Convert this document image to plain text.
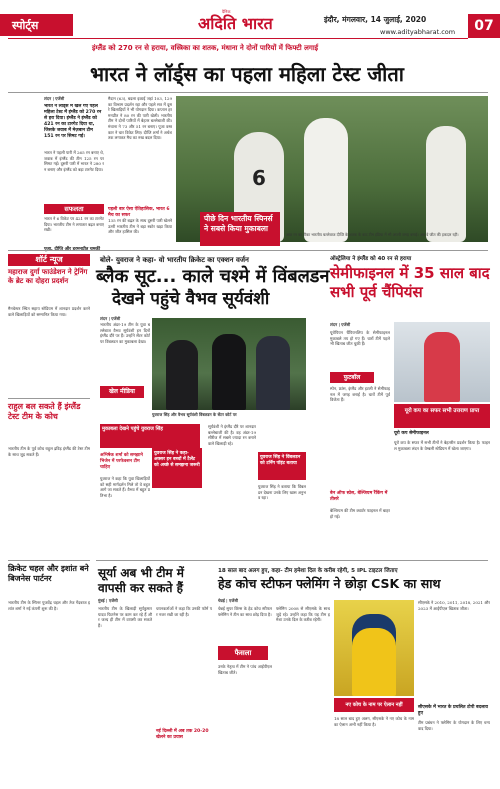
स्पोर्ट्स
दैनिक
अदिति भारत	इंदौर, मंगलवार, 14 जुलाई, 2020
www.adityabharat.com	07
इंग्लैंड को 270 रन से हराया, वस्त्रिका का शतक, मंधाना ने दोनों पारियों में फिफ्टी लगाई
भारत ने लॉर्ड्स का पहला महिला टेस्ट जीता
लंदन | एजेंसी
भारत ने लॉर्ड्स में खेले गए पहले महिला टेस्ट में इंग्लैंड को 270 रन से हरा दिया। इंग्लैंड ने इंग्लैंड को 421 रन का टारगेट दिया था, जिसके जवाब में मेज़बान टीम 151 रन पर सिमट गई।
भारत ने पहली पारी में 265 रन बनाए थे, जवाब में इंग्लैंड की टीम 125 रन पर सिमट गई। दूसरी पारी में भारत ने 280 रन बनाए और इंग्लैंड को बड़ा टारगेट दिया।
सफलता
भारत ने 6 विकेट पर 421 रन का टारगेट दिया। भारतीय टीम ने लगातार बढ़त बनाए रखी।
मैदान (63), बदला इकाई जहां 103, 129 का विश्राम प्रदर्शन रहा और पहले सत्र में दूसरे खिलाड़ियों ने भी योगदान दिया। कप्तान हरमनप्रीत ने 80 रन की पारी खेली। भारतीय टीम ने दोनों पारियों में बेहतर बल्लेबाजी की। मंधाना ने 73 और 51 रन बनाए। पूजा वस्त्रकार ने चार विकेट लिए। दीप्ति शर्मा ने अर्धशतक लगाकर मैच का रुख बदल दिया।
पहली बार ऐसा ऐतिहासिक, भारत 6 मैच का सफर
135 रन की बढ़त के साथ दूसरी पारी खेलने उतरी भारतीय टीम ने बड़ा स्कोर खड़ा किया और जीत हासिल की।
6
पीछे दिन भारतीय स्पिनर्स ने सबसे किया मुकाबला
आठ रन का टीका भारतीय बल्लेबाज दीप्ति के शतक के बाद टीम इंडिया में भी अपनी जगह बनाई। अब वे जीत की हकदार रहीं।
शॉर्ट न्यूज
महाराज दुर्गा फाउंडेशन ने ट्रेनिंग के ब्रेट का दोहरा प्रदर्शन
मैनचेस्टर स्थित सहाय स्टेडियम में शानदार प्रदर्शन करने वाले खिलाड़ियों को सम्मानित किया गया।
राहुल बल सकते हैं इंग्लैंड टेस्ट टीम के कोच
भारतीय टीम के पूर्व कोच राहुल द्रविड़ इंग्लैंड की टेस्ट टीम के साथ जुड़ सकते हैं।
क्रिकेट चहल और इशांत बने बिजनेस पार्टनर
भारतीय टीम के स्पिनर युजवेंद्र चहल और तेज गेंदबाज इशांत शर्मा ने नई कंपनी शुरू की है।
बोले- युवराज ने कहा- वो भारतीय क्रिकेट का एक्शन वर्जन
ब्लैक सूट... काले चश्मे में विंबलडन
देखने पहुंचे वैभव सूर्यवंशी
लंदन | एजेंसी
भारतीय अंडर-19 टीम के युवा बल्लेबाज वैभव सूर्यवंशी इन दिनों इंग्लैंड दौरे पर हैं। उन्होंने सेंटर कोर्ट पर विंबलडन का मुकाबला देखा।
खेल मीडिया
युवराज सिंह और वैभव सूर्यवंशी विंबलडन के सेंटर कोर्ट पर
मुकाबला देखने पहुंचे युवराज सिंह
युवराज सिंह ने कहा- अक्सर इन बच्चों में टैलेंट को अच्छे से समझना जरूरी
अभिषेक शर्मा को समझाने भिजेन में परफेक्शन टीम चाहिए
युवराज ने कहा कि युवा खिलाड़ियों को सही मार्गदर्शन मिले तो वे बहुत आगे जा सकते हैं। वैभव में बहुत प्रतिभा है।
सूर्यवंशी ने इंग्लैंड दौरे पर शानदार बल्लेबाजी की है। वह अंडर-19 सीरीज में सबसे ज्यादा रन बनाने वाले खिलाड़ी रहे।
युवराज सिंह ने विंबलडन को टर्निंग पॉइंट बताया
युवराज सिंह ने बताया कि विंबलडन देखना उनके लिए खास अनुभव रहा।
ऑस्ट्रेलिया ने इंग्लैंड को 40 रन से हराया
सेमीफाइनल में 35 साल बाद सभी पूर्व चैंपियंस
लंदन | एजेंसी
यूरोपियन चैंपियनशिप के सेमीफाइनल मुकाबले तय हो गए हैं। चारों टीमें पहले भी खिताब जीत चुकी हैं।
फुटबॉल
स्पेन, फ्रांस, इंग्लैंड और इटली ने सेमीफाइनल में जगह बनाई है। चारों टीमें पूर्व विजेता हैं।
बेन ऑफ स्प्रेस, बेल्जियम रैंकिंग में तीसरे
बेल्जियम की टीम क्वार्टर फाइनल में बाहर हो गई।
यूरो कप का सफर सभी उत्तराण प्राप्त
यूरो कप सेमीफाइनल
यूरो कप के सफर में सभी टीमों ने बेहतरीन प्रदर्शन किया है। फाइनल मुकाबला लंदन के वेम्बली स्टेडियम में खेला जाएगा।
सूर्या अब भी टीम में वापसी कर सकते हैं
मुंबई | एजेंसी
भारतीय टीम के खिलाड़ी सूर्यकुमार यादव फिटनेस पर काम कर रहे हैं और जल्द ही टीम में वापसी कर सकते हैं।
चयनकर्ताओं ने कहा कि उनकी फॉर्म पर नजर रखी जा रही है।
नई दिल्ली में अब तक 20-20 खेलने का प्रयास
18 साल बाद अलग हुए, कहा- टीम हमेशा दिल के करीब रहेगी, 5 IPL टाइटल जिताए
हेड कोच स्टीफन फ्लेमिंग ने छोड़ा CSK का साथ
चेन्नई | एजेंसी
चेन्नई सुपर किंग्स के हेड कोच स्टीफन फ्लेमिंग ने टीम का साथ छोड़ दिया है।
फैसला
उनके नेतृत्व में टीम ने पांच आईपीएल खिताब जीते।
फ्लेमिंग 2008 से सीएसके के साथ जुड़े रहे। उन्होंने कहा कि यह टीम हमेशा उनके दिल के करीब रहेगी।
नए कोच के नाम पर ऐलान नहीं
18 साल बाद हुए अलग, सीएसके ने नए कोच के नाम का ऐलान अभी नहीं किया है।
सीएसके ने 2010, 2011, 2018, 2021 और 2023 में आईपीएल खिताब जीता।
सीएसके में भारत के प्रचलित टोपी बदलाव हुए
टीम प्रबंधन ने फ्लेमिंग के योगदान के लिए धन्यवाद दिया।
